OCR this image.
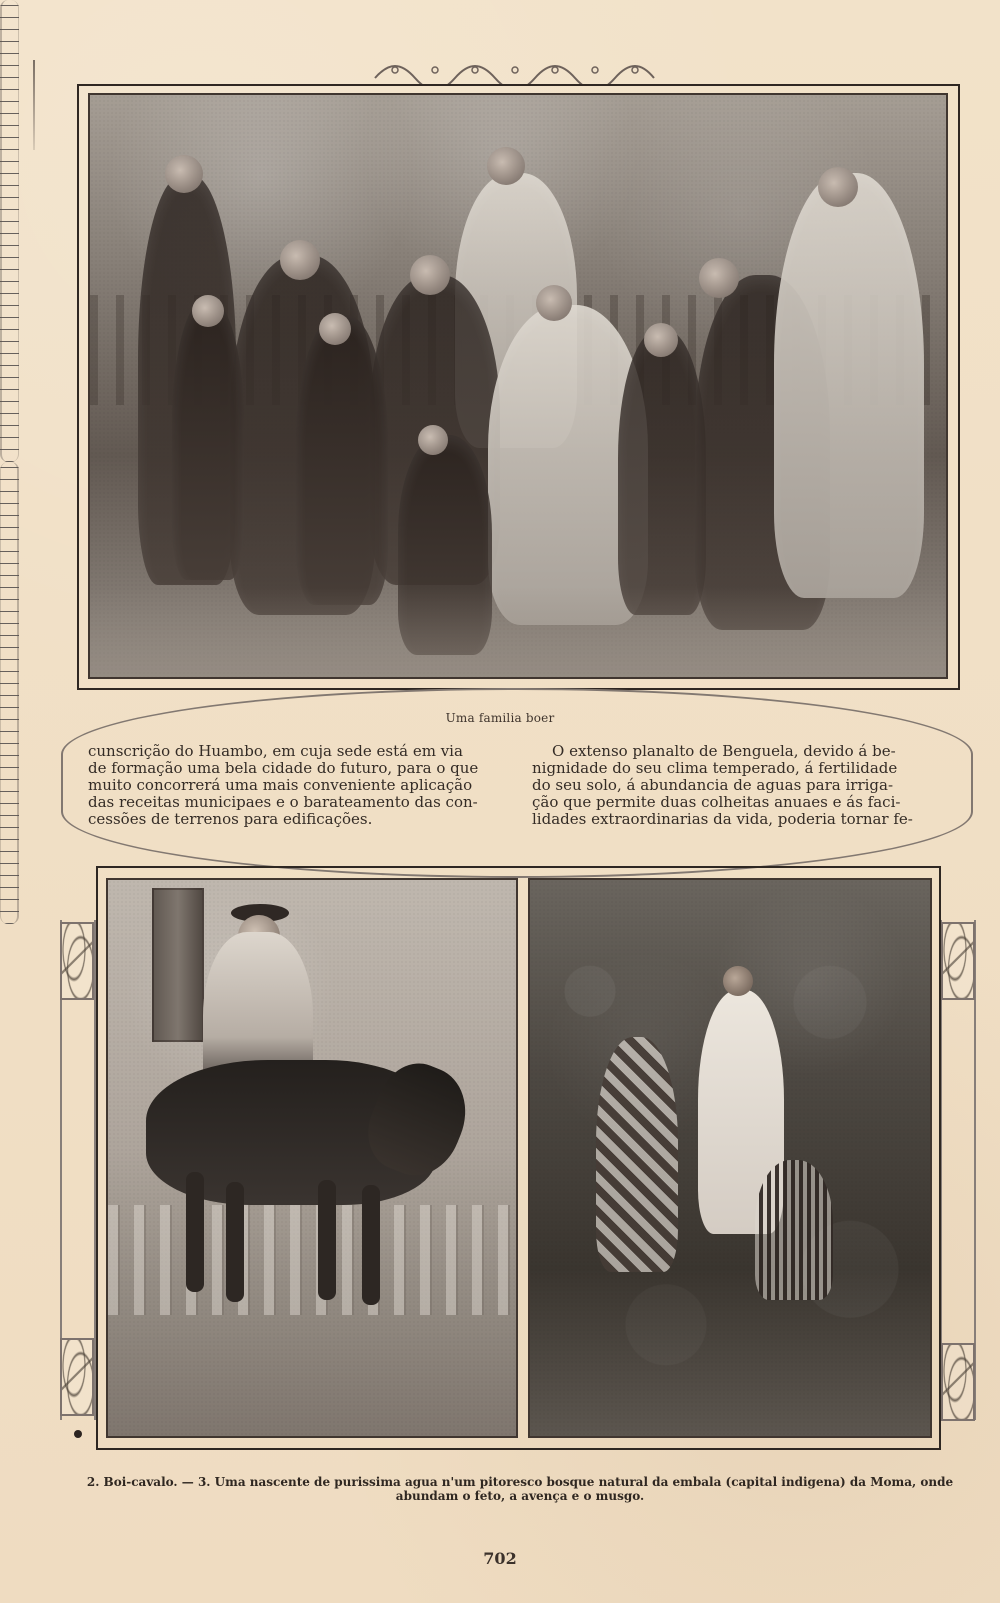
Uma familia boer
cunscrição do Huambo, em cuja sede está em via
de formação uma bela cidade do futuro, para o que
muito concorrerá uma mais conveniente aplicação
das receitas municipaes e o barateamento das con-
cessões de terrenos para edificações.
O extenso planalto de Benguela, devido á be-
nignidade do seu clima temperado, á fertilidade
do seu solo, á abundancia de aguas para irriga-
ção que permite duas colheitas anuaes e ás faci-
lidades extraordinarias da vida, poderia tornar fe-
2. Boi-cavalo. — 3. Uma nascente de purissima agua n'um pitoresco bosque natural da embala (capital indigena) da Moma, onde abundam o feto, a avença e o musgo.
702
